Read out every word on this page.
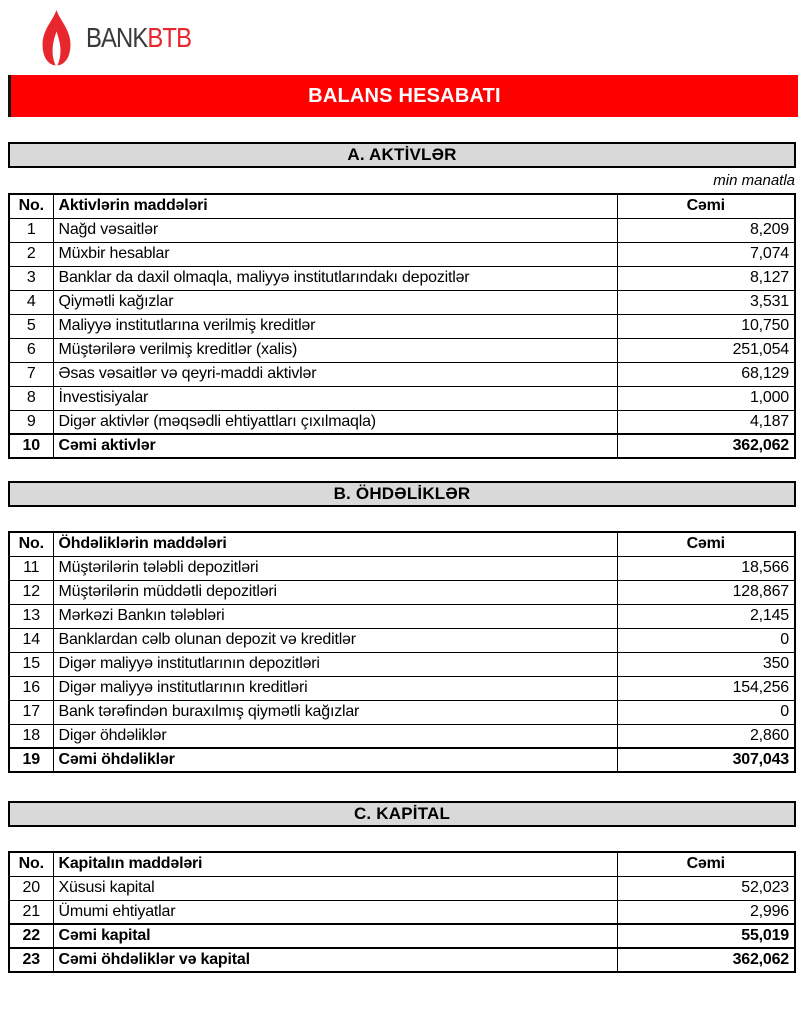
BANKBTB
BALANS HESABATI
A. AKTİVLƏR
min manatla
No.	Aktivlərin maddələri	Cəmi
1	Nağd vəsaitlər	8,209
2	Müxbir hesablar	7,074
3	Banklar da daxil olmaqla, maliyyə institutlarındakı depozitlər	8,127
4	Qiymətli kağızlar	3,531
5	Maliyyə institutlarına verilmiş kreditlər	10,750
6	Müştərilərə verilmiş kreditlər (xalis)	251,054
7	Əsas vəsaitlər və qeyri-maddi aktivlər	68,129
8	İnvestisiyalar	1,000
9	Digər aktivlər (məqsədli ehtiyattları çıxılmaqla)	4,187
10	Cəmi aktivlər	362,062
B. ÖHDƏLİKLƏR
No.	Öhdəliklərin maddələri	Cəmi
11	Müştərilərin tələbli depozitləri	18,566
12	Müştərilərin müddətli depozitləri	128,867
13	Mərkəzi Bankın tələbləri	2,145
14	Banklardan cəlb olunan depozit və kreditlər	0
15	Digər maliyyə institutlarının depozitləri	350
16	Digər maliyyə institutlarının kreditləri	154,256
17	Bank tərəfindən buraxılmış qiymətli kağızlar	0
18	Digər öhdəliklər	2,860
19	Cəmi öhdəliklər	307,043
C. KAPİTAL
No.	Kapitalın maddələri	Cəmi
20	Xüsusi kapital	52,023
21	Ümumi ehtiyatlar	2,996
22	Cəmi kapital	55,019
23	Cəmi öhdəliklər və kapital	362,062
